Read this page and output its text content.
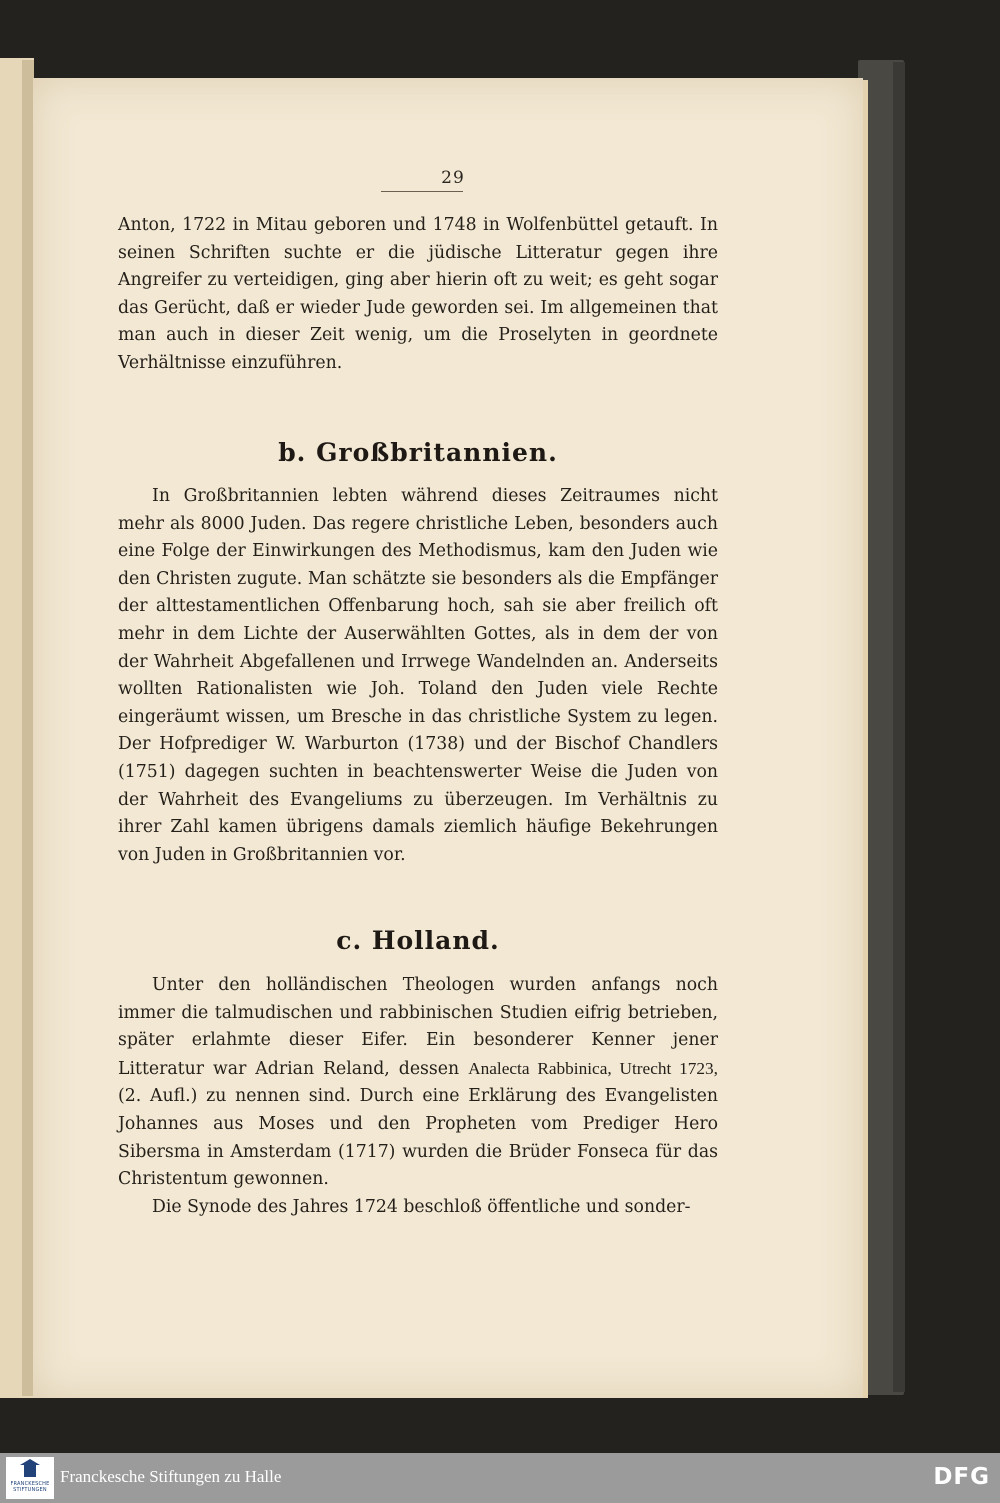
29

Anton, 1722 in Mitau geboren und 1748 in Wolfenbüttel getauft. In seinen Schriften suchte er die jüdische Litteratur gegen ihre Angreifer zu verteidigen, ging aber hierin oft zu weit; es geht sogar das Gerücht, daß er wieder Jude geworden sei. Im allgemeinen that man auch in dieser Zeit wenig, um die Proselyten in geordnete Verhältnisse einzuführen.

b. Großbritannien.

In Großbritannien lebten während dieses Zeitraumes nicht mehr als 8000 Juden. Das regere christliche Leben, besonders auch eine Folge der Einwirkungen des Methodismus, kam den Juden wie den Christen zugute. Man schätzte sie besonders als die Empfänger der alttestamentlichen Offenbarung hoch, sah sie aber freilich oft mehr in dem Lichte der Auserwählten Gottes, als in dem der von der Wahrheit Abgefallenen und Irrwege Wandelnden an. Anderseits wollten Rationalisten wie Joh. Toland den Juden viele Rechte eingeräumt wissen, um Bresche in das christliche System zu legen. Der Hofprediger W. Warburton (1738) und der Bischof Chandlers (1751) dagegen suchten in beachtenswerter Weise die Juden von der Wahrheit des Evangeliums zu überzeugen. Im Verhältnis zu ihrer Zahl kamen übrigens damals ziemlich häufige Bekehrungen von Juden in Großbritannien vor.

c. Holland.

Unter den holländischen Theologen wurden anfangs noch immer die talmudischen und rabbinischen Studien eifrig betrieben, später erlahmte dieser Eifer. Ein besonderer Kenner jener Litteratur war Adrian Reland, dessen Analecta Rabbinica, Utrecht 1723, (2. Aufl.) zu nennen sind. Durch eine Erklärung des Evangelisten Johannes aus Moses und den Propheten vom Prediger Hero Sibersma in Amsterdam (1717) wurden die Brüder Fonseca für das Christentum gewonnen.

Die Synode des Jahres 1724 beschloß öffentliche und sonder-

FRANCKESCHE STIFTUNGEN
Franckesche Stiftungen zu Halle	DFG
